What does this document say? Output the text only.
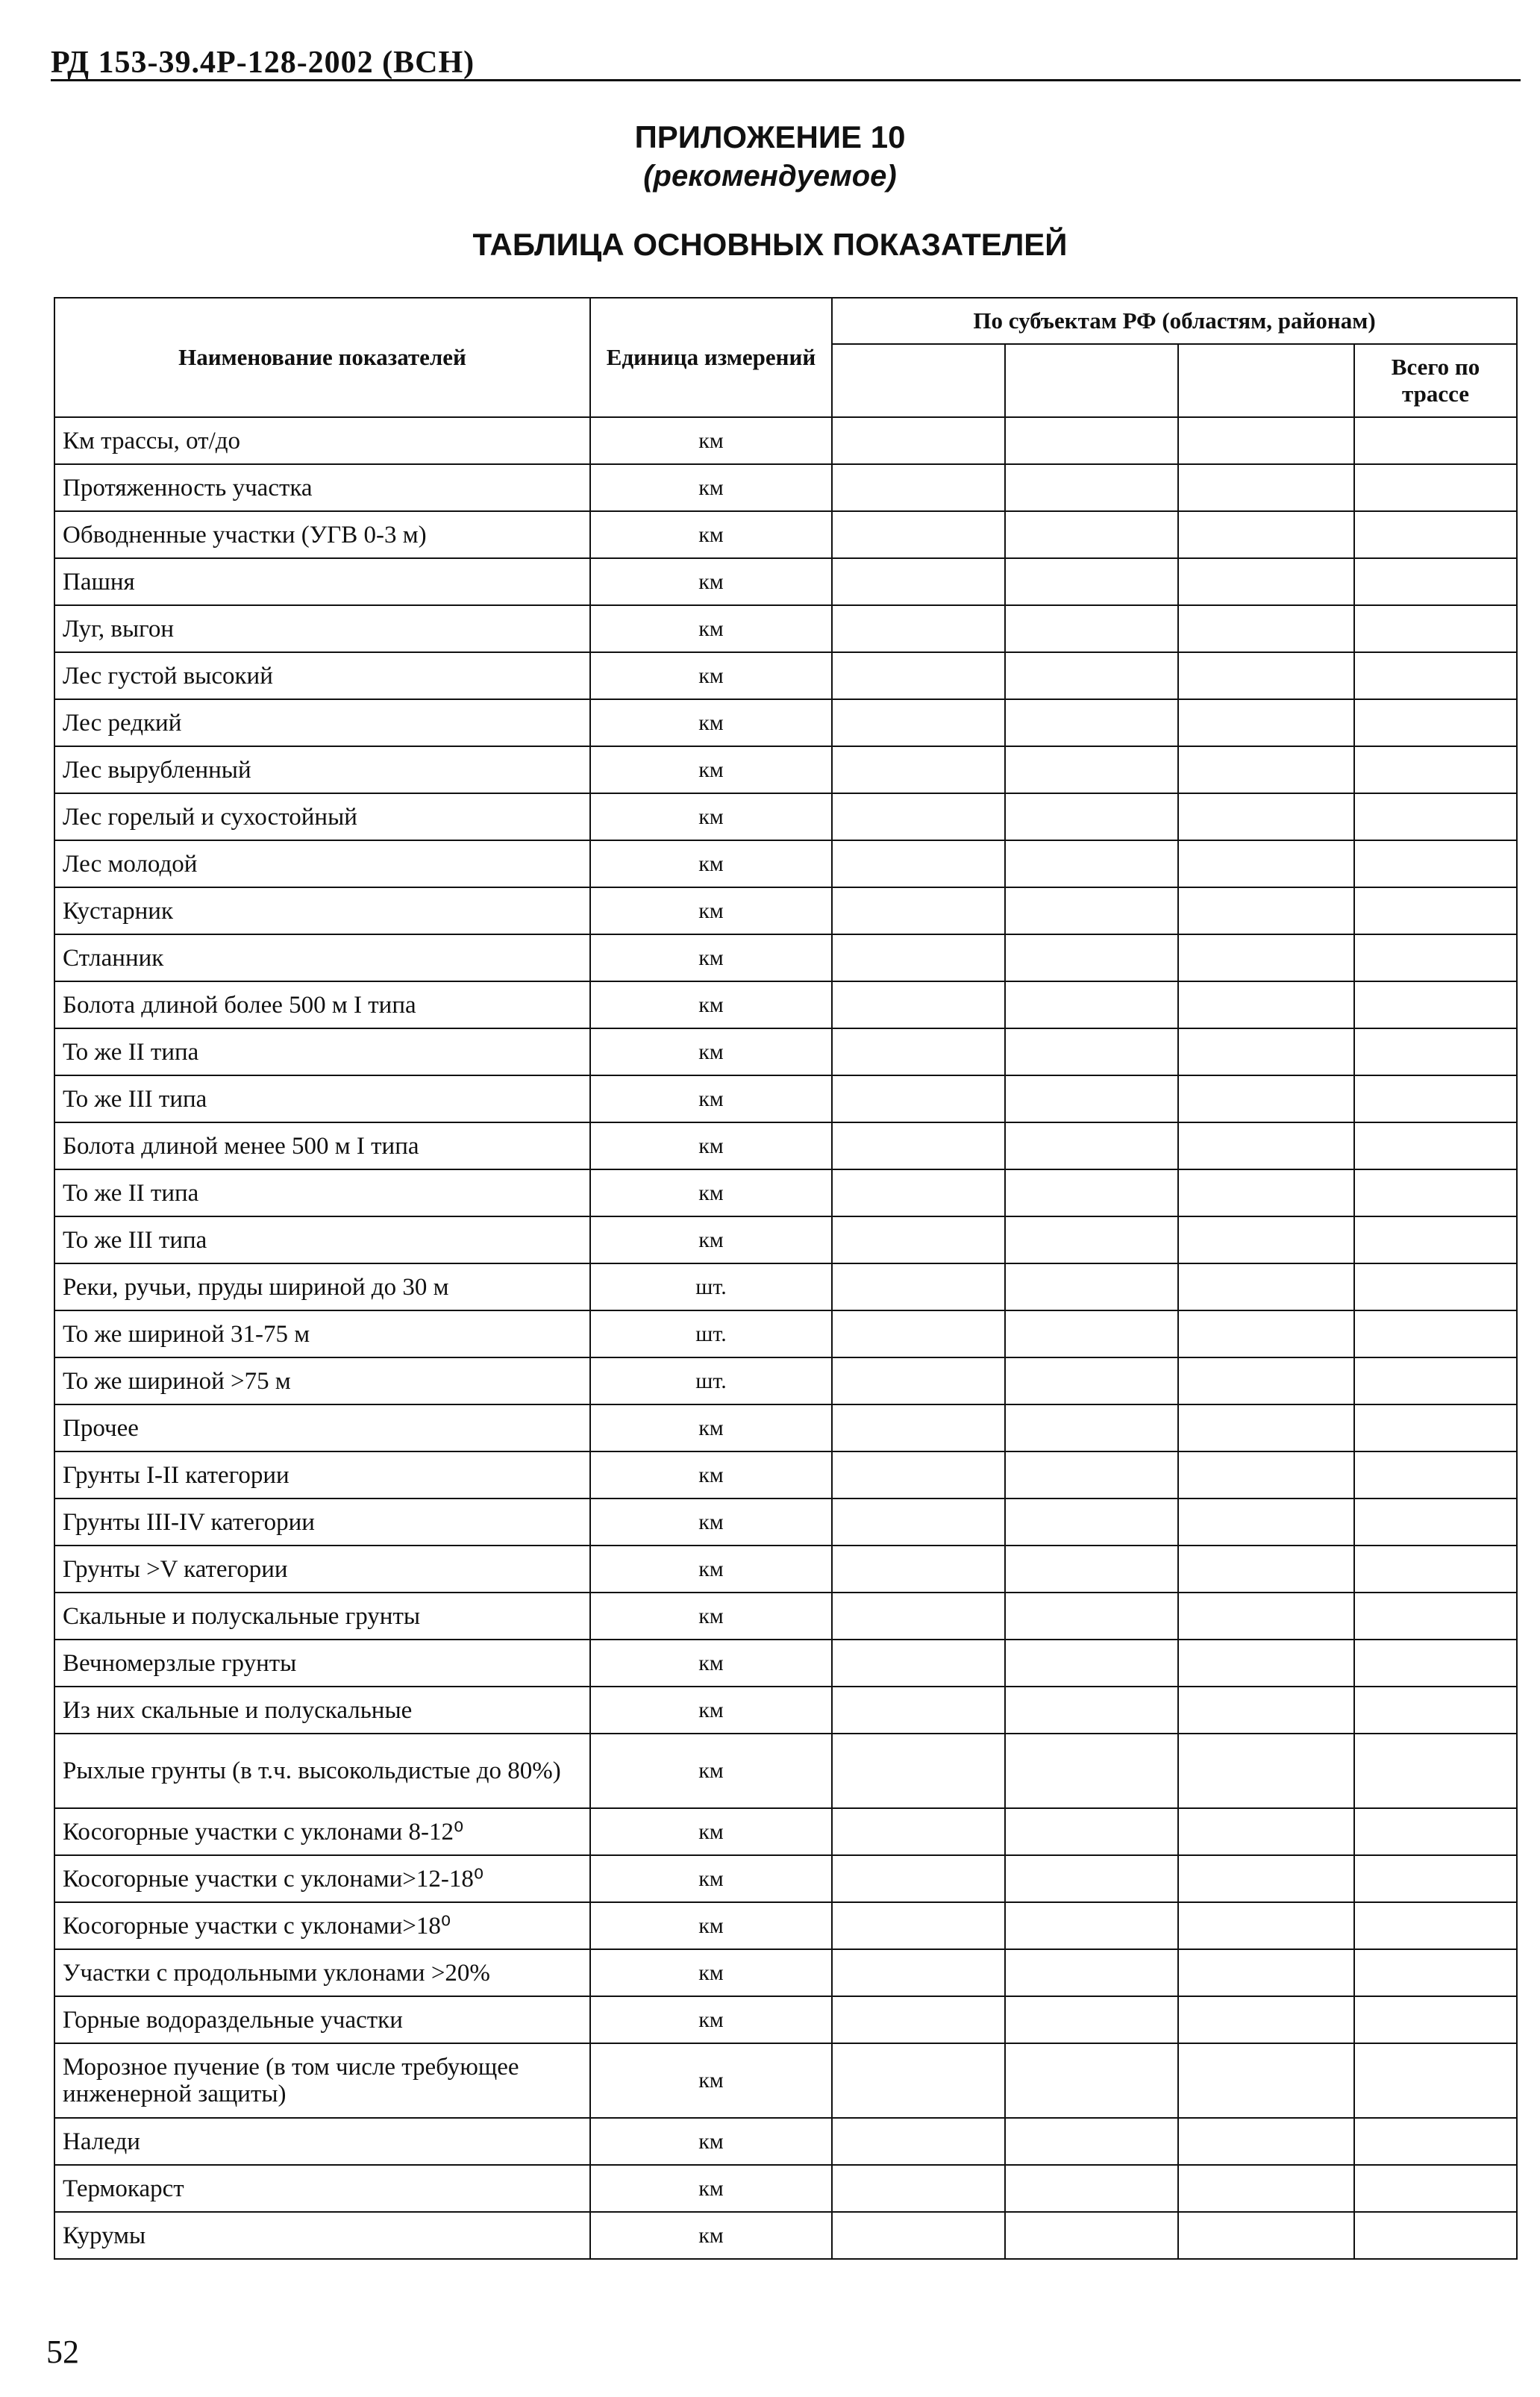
РД 153-39.4Р-128-2002 (ВСН)
ПРИЛОЖЕНИЕ 10
(рекомендуемое)
ТАБЛИЦА ОСНОВНЫХ ПОКАЗАТЕЛЕЙ
Наименование показателей	Единица измерений	По субъектам РФ (областям, районам)			
					Всего по трассе
Км трассы, от/до	км				
Протяженность участка	км				
Обводненные участки (УГВ 0-3 м)	км				
Пашня	км				
Луг, выгон	км				
Лес густой высокий	км				
Лес редкий	км				
Лес вырубленный	км				
Лес горелый и сухостойный	км				
Лес молодой	км				
Кустарник	км				
Стланник	км				
Болота длиной более 500 м I типа	км				
То же II типа	км				
То же III типа	км				
Болота длиной менее 500 м I типа	км				
То же II типа	км				
То же III типа	км				
Реки, ручьи, пруды шириной до 30 м	шт.				
То же шириной 31-75 м	шт.				
То же шириной >75 м	шт.				
Прочее	км				
Грунты I-II категории	км				
Грунты III-IV категории	км				
Грунты >V категории	км				
Скальные и полускальные грунты	км				
Вечномерзлые грунты	км				
Из них скальные и полускальные	км				
Рыхлые грунты (в т.ч. высокольдистые до 80%)	км				
Косогорные участки с уклонами 8-12⁰	км				
Косогорные участки с уклонами>12-18⁰	км				
Косогорные участки с уклонами>18⁰	км				
Участки с продольными уклонами >20%	км				
Горные водораздельные участки	км				
Морозное пучение (в том числе требующее инженерной защиты)	км				
Наледи	км				
Термокарст	км				
Курумы	км				
52
